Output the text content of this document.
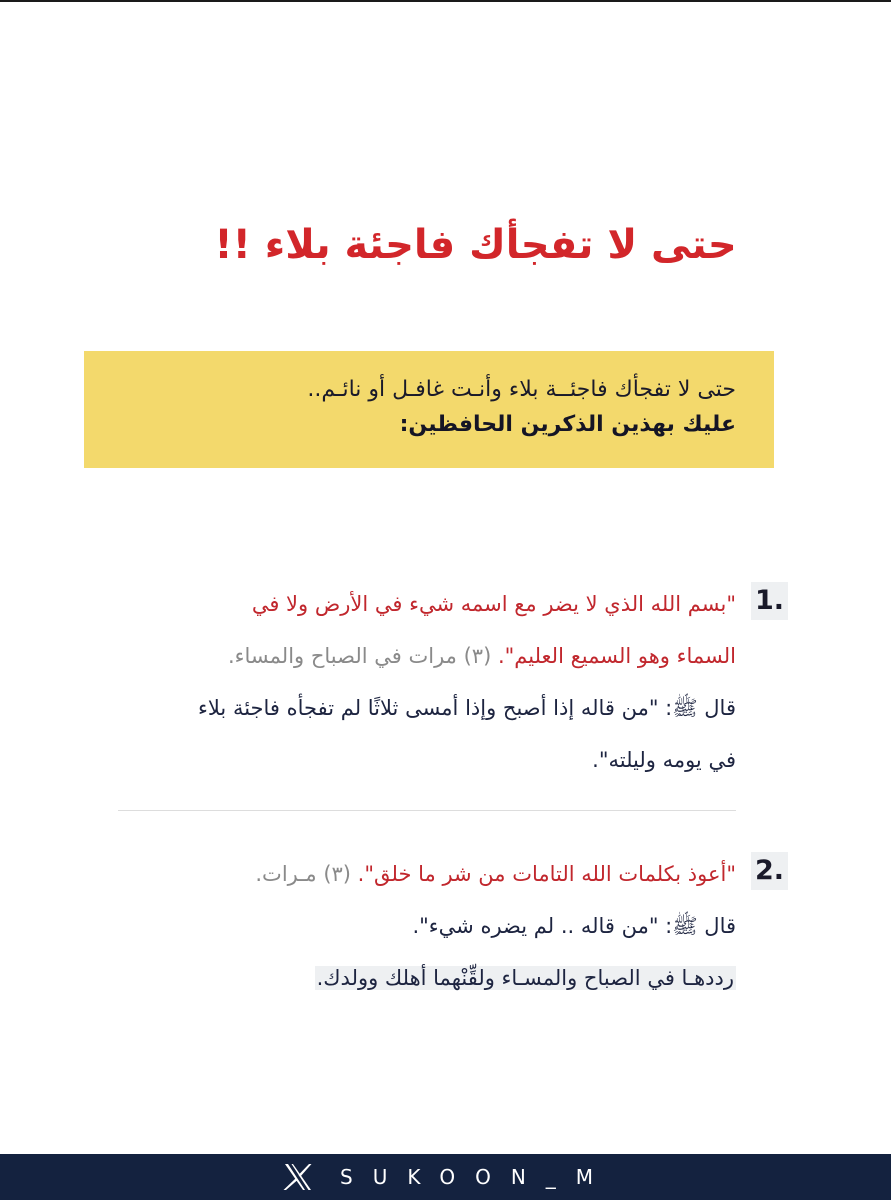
حتى لا تفجأك فاجئة بلاء !!
حتى لا تفجأك فاجئــة بلاء وأنـت غافـل أو نائـم..
عليك بهذين الذكرين الحافظين:
1.
"بسم الله الذي لا يضر مع اسمه شيء في الأرض ولا في
السماء وهو السميع العليم". (٣) مرات في الصباح والمساء.
قال ﷺ: "من قاله إذا أصبح وإذا أمسى ثلاثًا لم تفجأه فاجئة بلاء
في يومه وليلته".
2.
"أعوذ بكلمات الله التامات من شر ما خلق". (٣) مـرات.
قال ﷺ: "من قاله .. لم يضره شيء".
رددهـا في الصباح والمسـاء ولقِّنْهما أهلك وولدك.
SUKOON_M
